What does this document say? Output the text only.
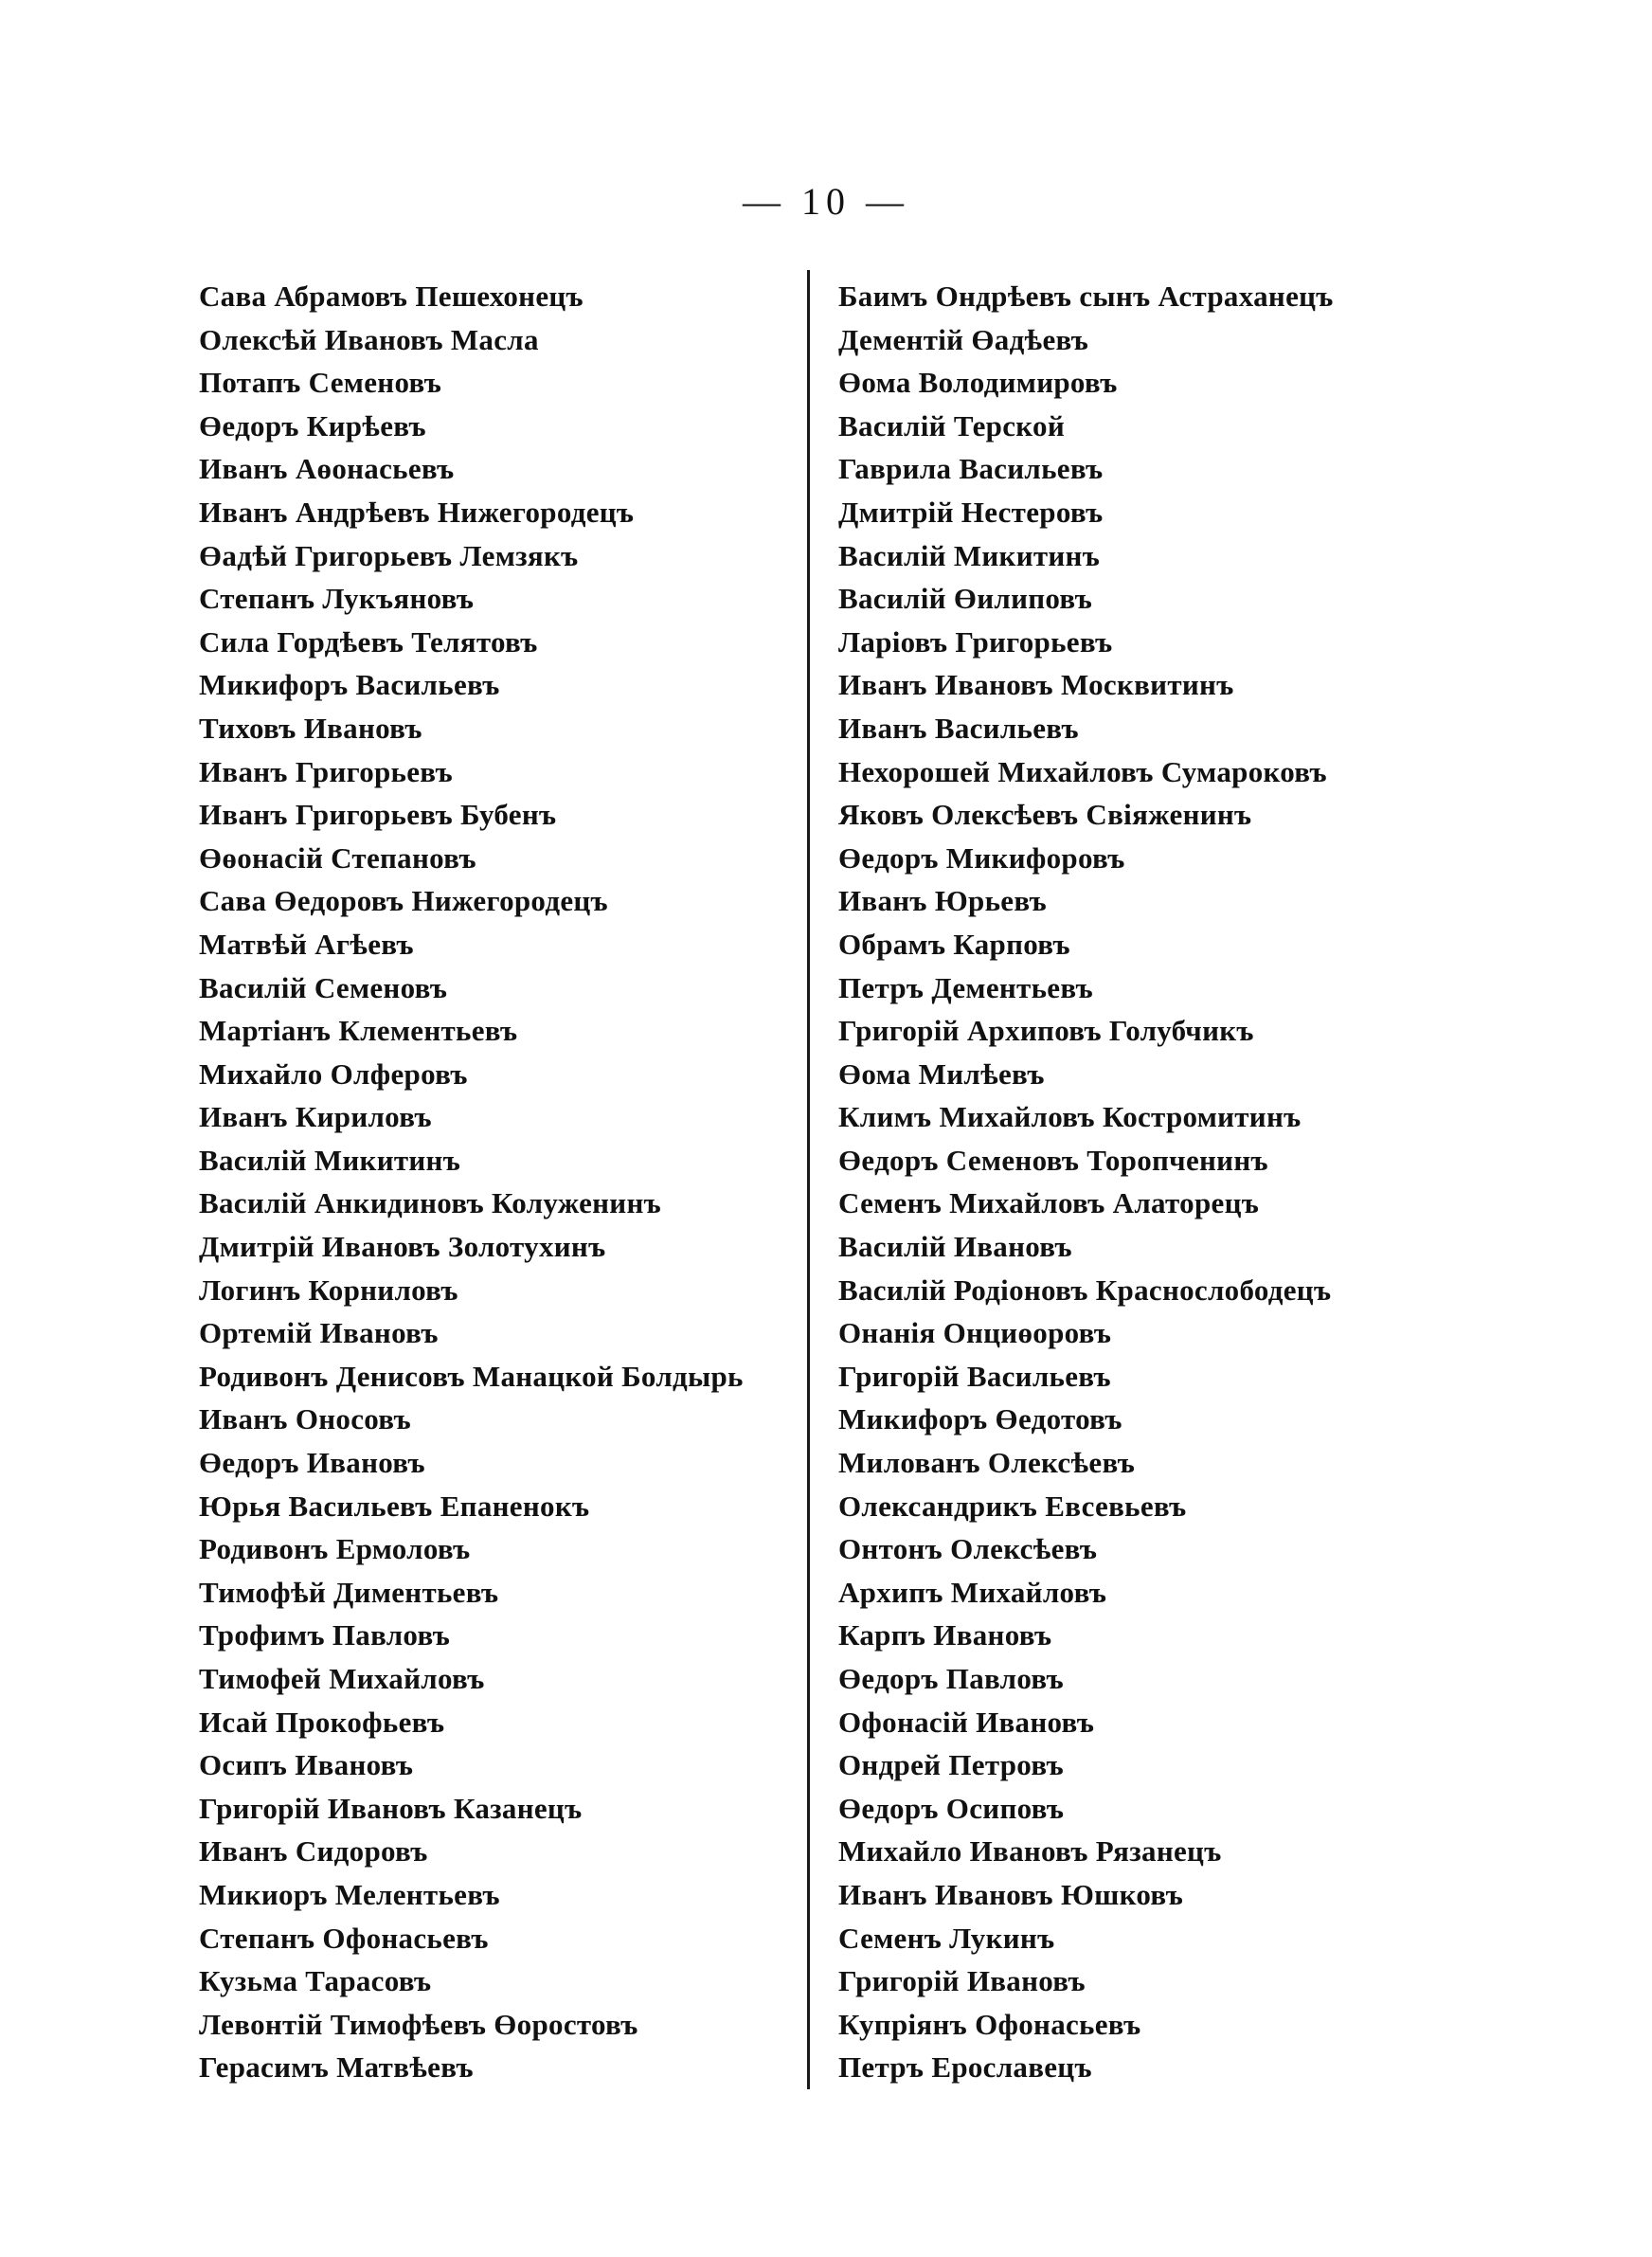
— 10 —
Сава Абрамовъ Пешехонецъ
Олексѣй Ивановъ Масла
Потапъ Семеновъ
Өедоръ Кирѣевъ
Иванъ Аөонасьевъ
Иванъ Андрѣевъ Нижегородецъ
Өадѣй Григорьевъ Лемзякъ
Степанъ Лукъяновъ
Сила Гордѣевъ Телятовъ
Микифоръ Васильевъ
Тиховъ Ивановъ
Иванъ Григорьевъ
Иванъ Григорьевъ Бубенъ
Өөонасій Степановъ
Сава Өедоровъ Нижегородецъ
Матвѣй Агѣевъ
Василій Семеновъ
Мартіанъ Клементьевъ
Михайло Олферовъ
Иванъ Кириловъ
Василій Микитинъ
Василій Анкидиновъ Колуженинъ
Дмитрій Ивановъ Золотухинъ
Логинъ Корниловъ
Ортемій Ивановъ
Родивонъ Денисовъ Манацкой Болдырь
Иванъ Оносовъ
Өедоръ Ивановъ
Юрья Васильевъ Епаненокъ
Родивонъ Ермоловъ
Тимофѣй Диментьевъ
Трофимъ Павловъ
Тимофей Михайловъ
Исай Прокофьевъ
Осипъ Ивановъ
Григорій Ивановъ Казанецъ
Иванъ Сидоровъ
Микиоръ Мелентьевъ
Степанъ Офонасьевъ
Кузьма Тарасовъ
Левонтій Тимофѣевъ Өоростовъ
Герасимъ Матвѣевъ
Баимъ Ондрѣевъ сынъ Астраханецъ
Дементій Өадѣевъ
Өома Володимировъ
Василій Терской
Гаврила Васильевъ
Дмитрій Нестеровъ
Василій Микитинъ
Василій Өилиповъ
Ларіовъ Григорьевъ
Иванъ Ивановъ Москвитинъ
Иванъ Васильевъ
Нехорошей Михайловъ Сумароковъ
Яковъ Олексѣевъ Свіяженинъ
Өедоръ Микифоровъ
Иванъ Юрьевъ
Обрамъ Карповъ
Петръ Дементьевъ
Григорій Архиповъ Голубчикъ
Өома Милѣевъ
Климъ Михайловъ Костромитинъ
Өедоръ Семеновъ Торопченинъ
Семенъ Михайловъ Алаторецъ
Василій Ивановъ
Василій Родіоновъ Краснослободецъ
Онанія Онциөоровъ
Григорій Васильевъ
Микифоръ Өедотовъ
Милованъ Олексѣевъ
Олександрикъ Евсевьевъ
Онтонъ Олексѣевъ
Архипъ Михайловъ
Карпъ Ивановъ
Өедоръ Павловъ
Офонасій Ивановъ
Ондрей Петровъ
Өедоръ Осиповъ
Михайло Ивановъ Рязанецъ
Иванъ Ивановъ Юшковъ
Семенъ Лукинъ
Григорій Ивановъ
Купріянъ Офонасьевъ
Петръ Ерославецъ
